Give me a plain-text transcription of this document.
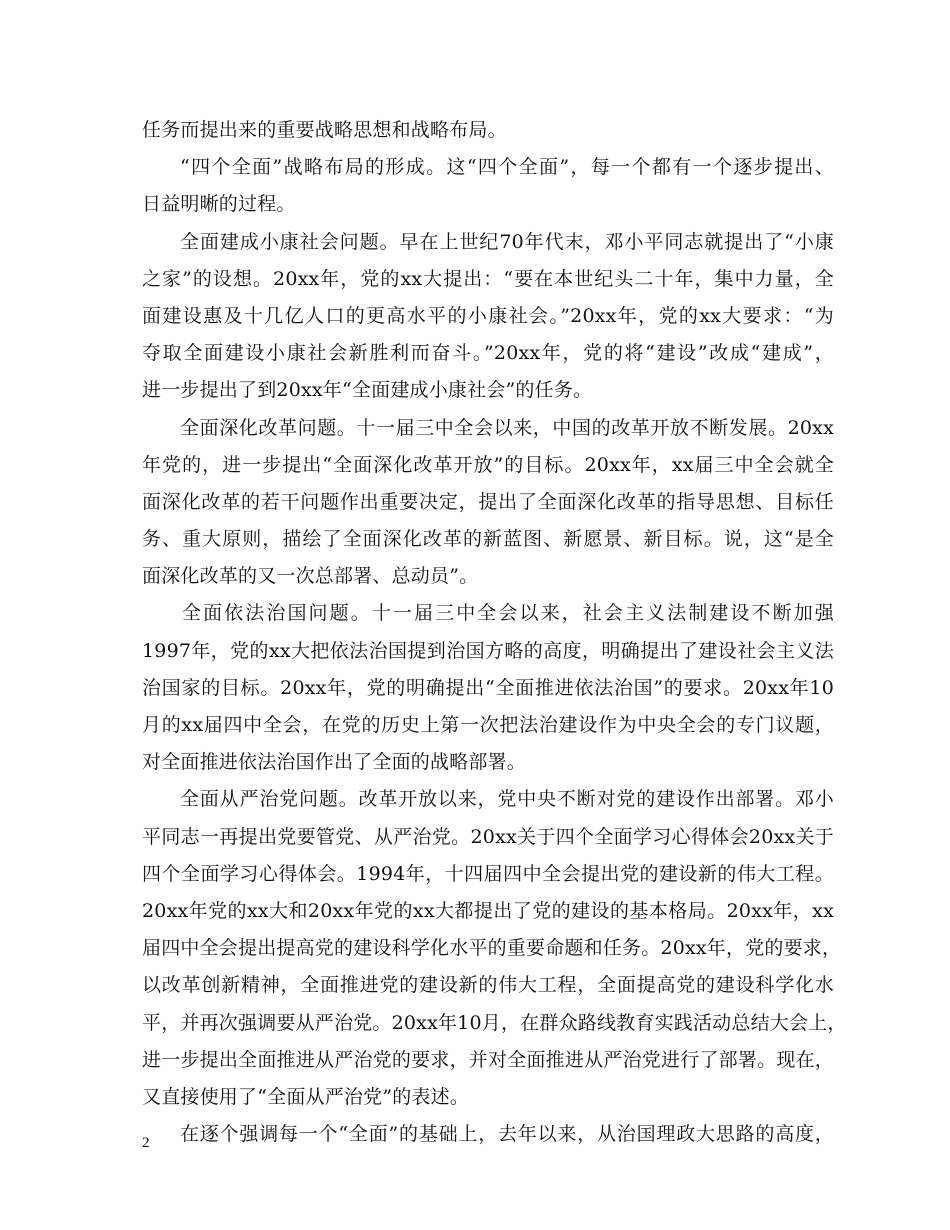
任务而提出来的重要战略思想和战略布局。
“四个全面”战略布局的形成。这“四个全面”，每一个都有一个逐步提出、
日益明晰的过程。
全面建成小康社会问题。早在上世纪70年代末，邓小平同志就提出了“小康
之家”的设想。20xx年，党的xx大提出：“要在本世纪头二十年，集中力量，全
面建设惠及十几亿人口的更高水平的小康社会。”20xx年，党的xx大要求：“为
夺取全面建设小康社会新胜利而奋斗。”20xx年，党的将“建设”改成“建成”，
进一步提出了到20xx年“全面建成小康社会”的任务。
全面深化改革问题。十一届三中全会以来，中国的改革开放不断发展。20xx
年党的，进一步提出“全面深化改革开放”的目标。20xx年，xx届三中全会就全
面深化改革的若干问题作出重要决定，提出了全面深化改革的指导思想、目标任
务、重大原则，描绘了全面深化改革的新蓝图、新愿景、新目标。说，这“是全
面深化改革的又一次总部署、总动员”。
全面依法治国问题。十一届三中全会以来，社会主义法制建设不断加强
1997年，党的xx大把依法治国提到治国方略的高度，明确提出了建设社会主义法
治国家的目标。20xx年，党的明确提出“全面推进依法治国”的要求。20xx年10
月的xx届四中全会，在党的历史上第一次把法治建设作为中央全会的专门议题，
对全面推进依法治国作出了全面的战略部署。
全面从严治党问题。改革开放以来，党中央不断对党的建设作出部署。邓小
平同志一再提出党要管党、从严治党。20xx关于四个全面学习心得体会20xx关于
四个全面学习心得体会。1994年，十四届四中全会提出党的建设新的伟大工程。
20xx年党的xx大和20xx年党的xx大都提出了党的建设的基本格局。20xx年，xx
届四中全会提出提高党的建设科学化水平的重要命题和任务。20xx年，党的要求，
以改革创新精神，全面推进党的建设新的伟大工程，全面提高党的建设科学化水
平，并再次强调要从严治党。20xx年10月，在群众路线教育实践活动总结大会上，
进一步提出全面推进从严治党的要求，并对全面推进从严治党进行了部署。现在，
又直接使用了“全面从严治党”的表述。
在逐个强调每一个“全面”的基础上，去年以来，从治国理政大思路的高度，
2
